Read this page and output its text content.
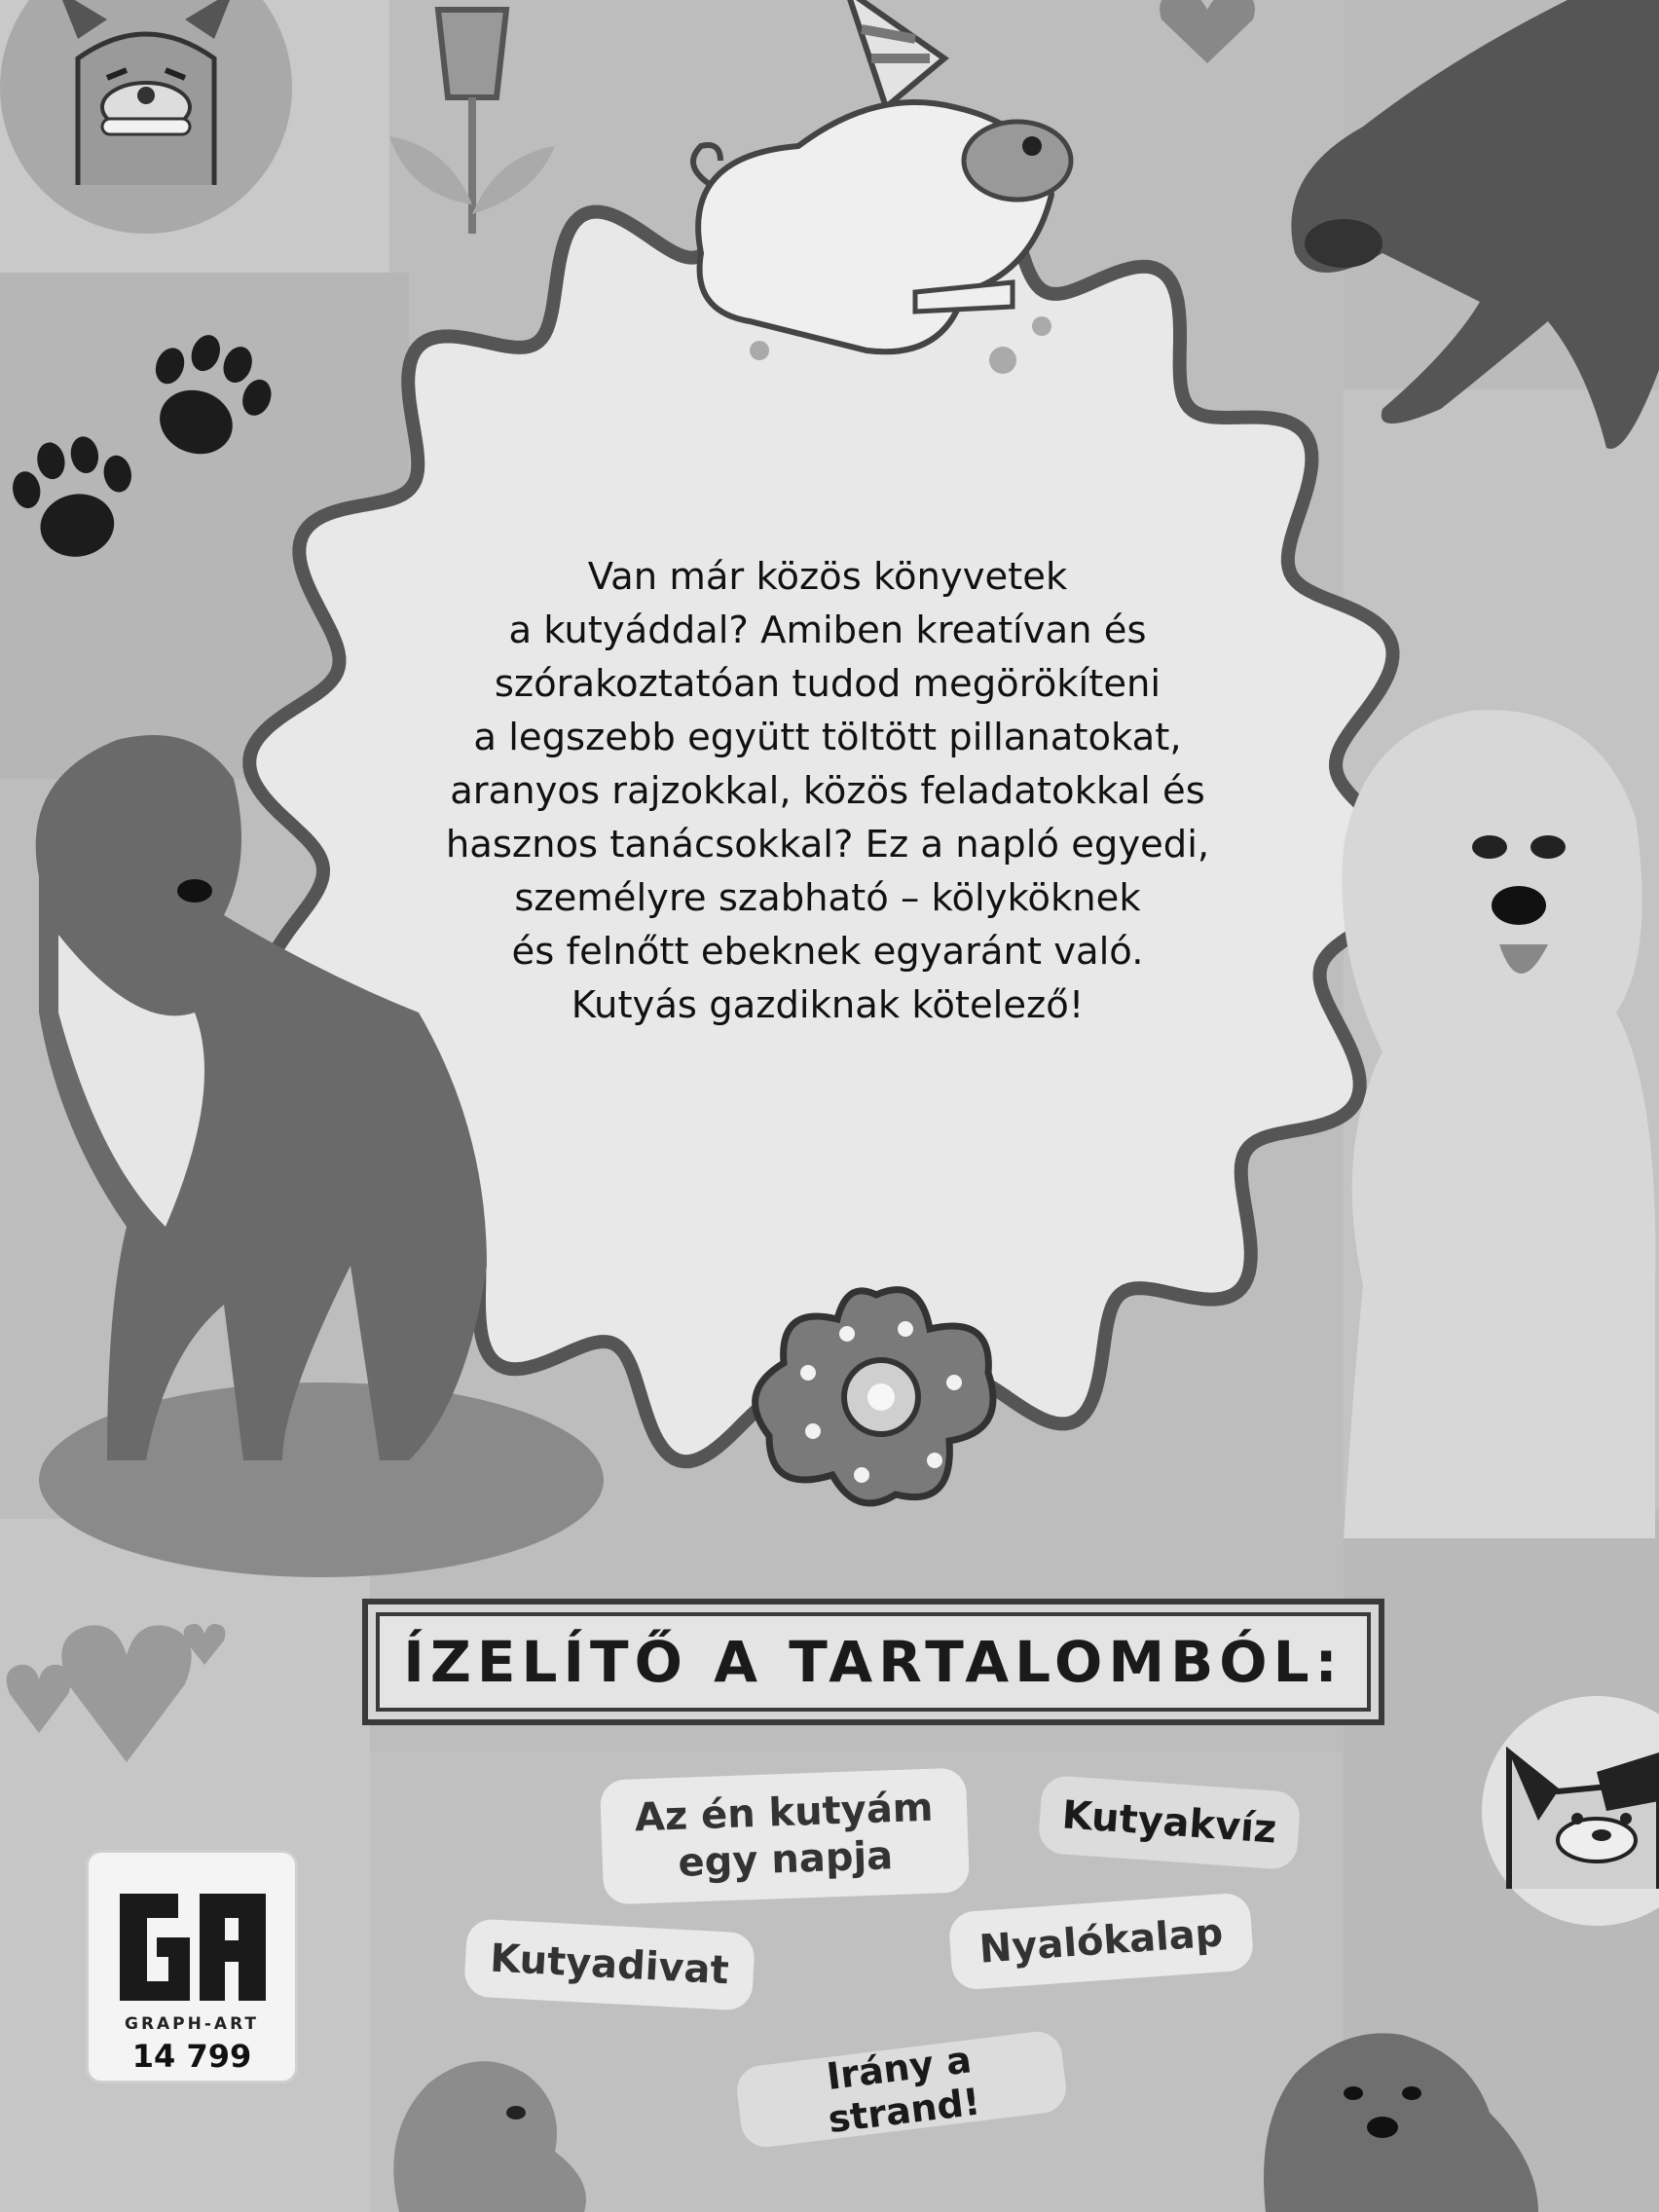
Van már közös könyvetek
a kutyáddal? Amiben kreatívan és
szórakoztatóan tudod megörökíteni
a legszebb együtt töltött pillanatokat,
aranyos rajzokkal, közös feladatokkal és
hasznos tanácsokkal? Ez a napló egyedi,
személyre szabható – kölyköknek
és felnőtt ebeknek egyaránt való.
Kutyás gazdiknak kötelező!
ÍZELÍTŐ A TARTALOMBÓL:
Az én kutyám
egy napja
Kutyakvíz
Kutyadivat	Nyalókalap
Irány a strand!
GRAPH-ART
14 799
